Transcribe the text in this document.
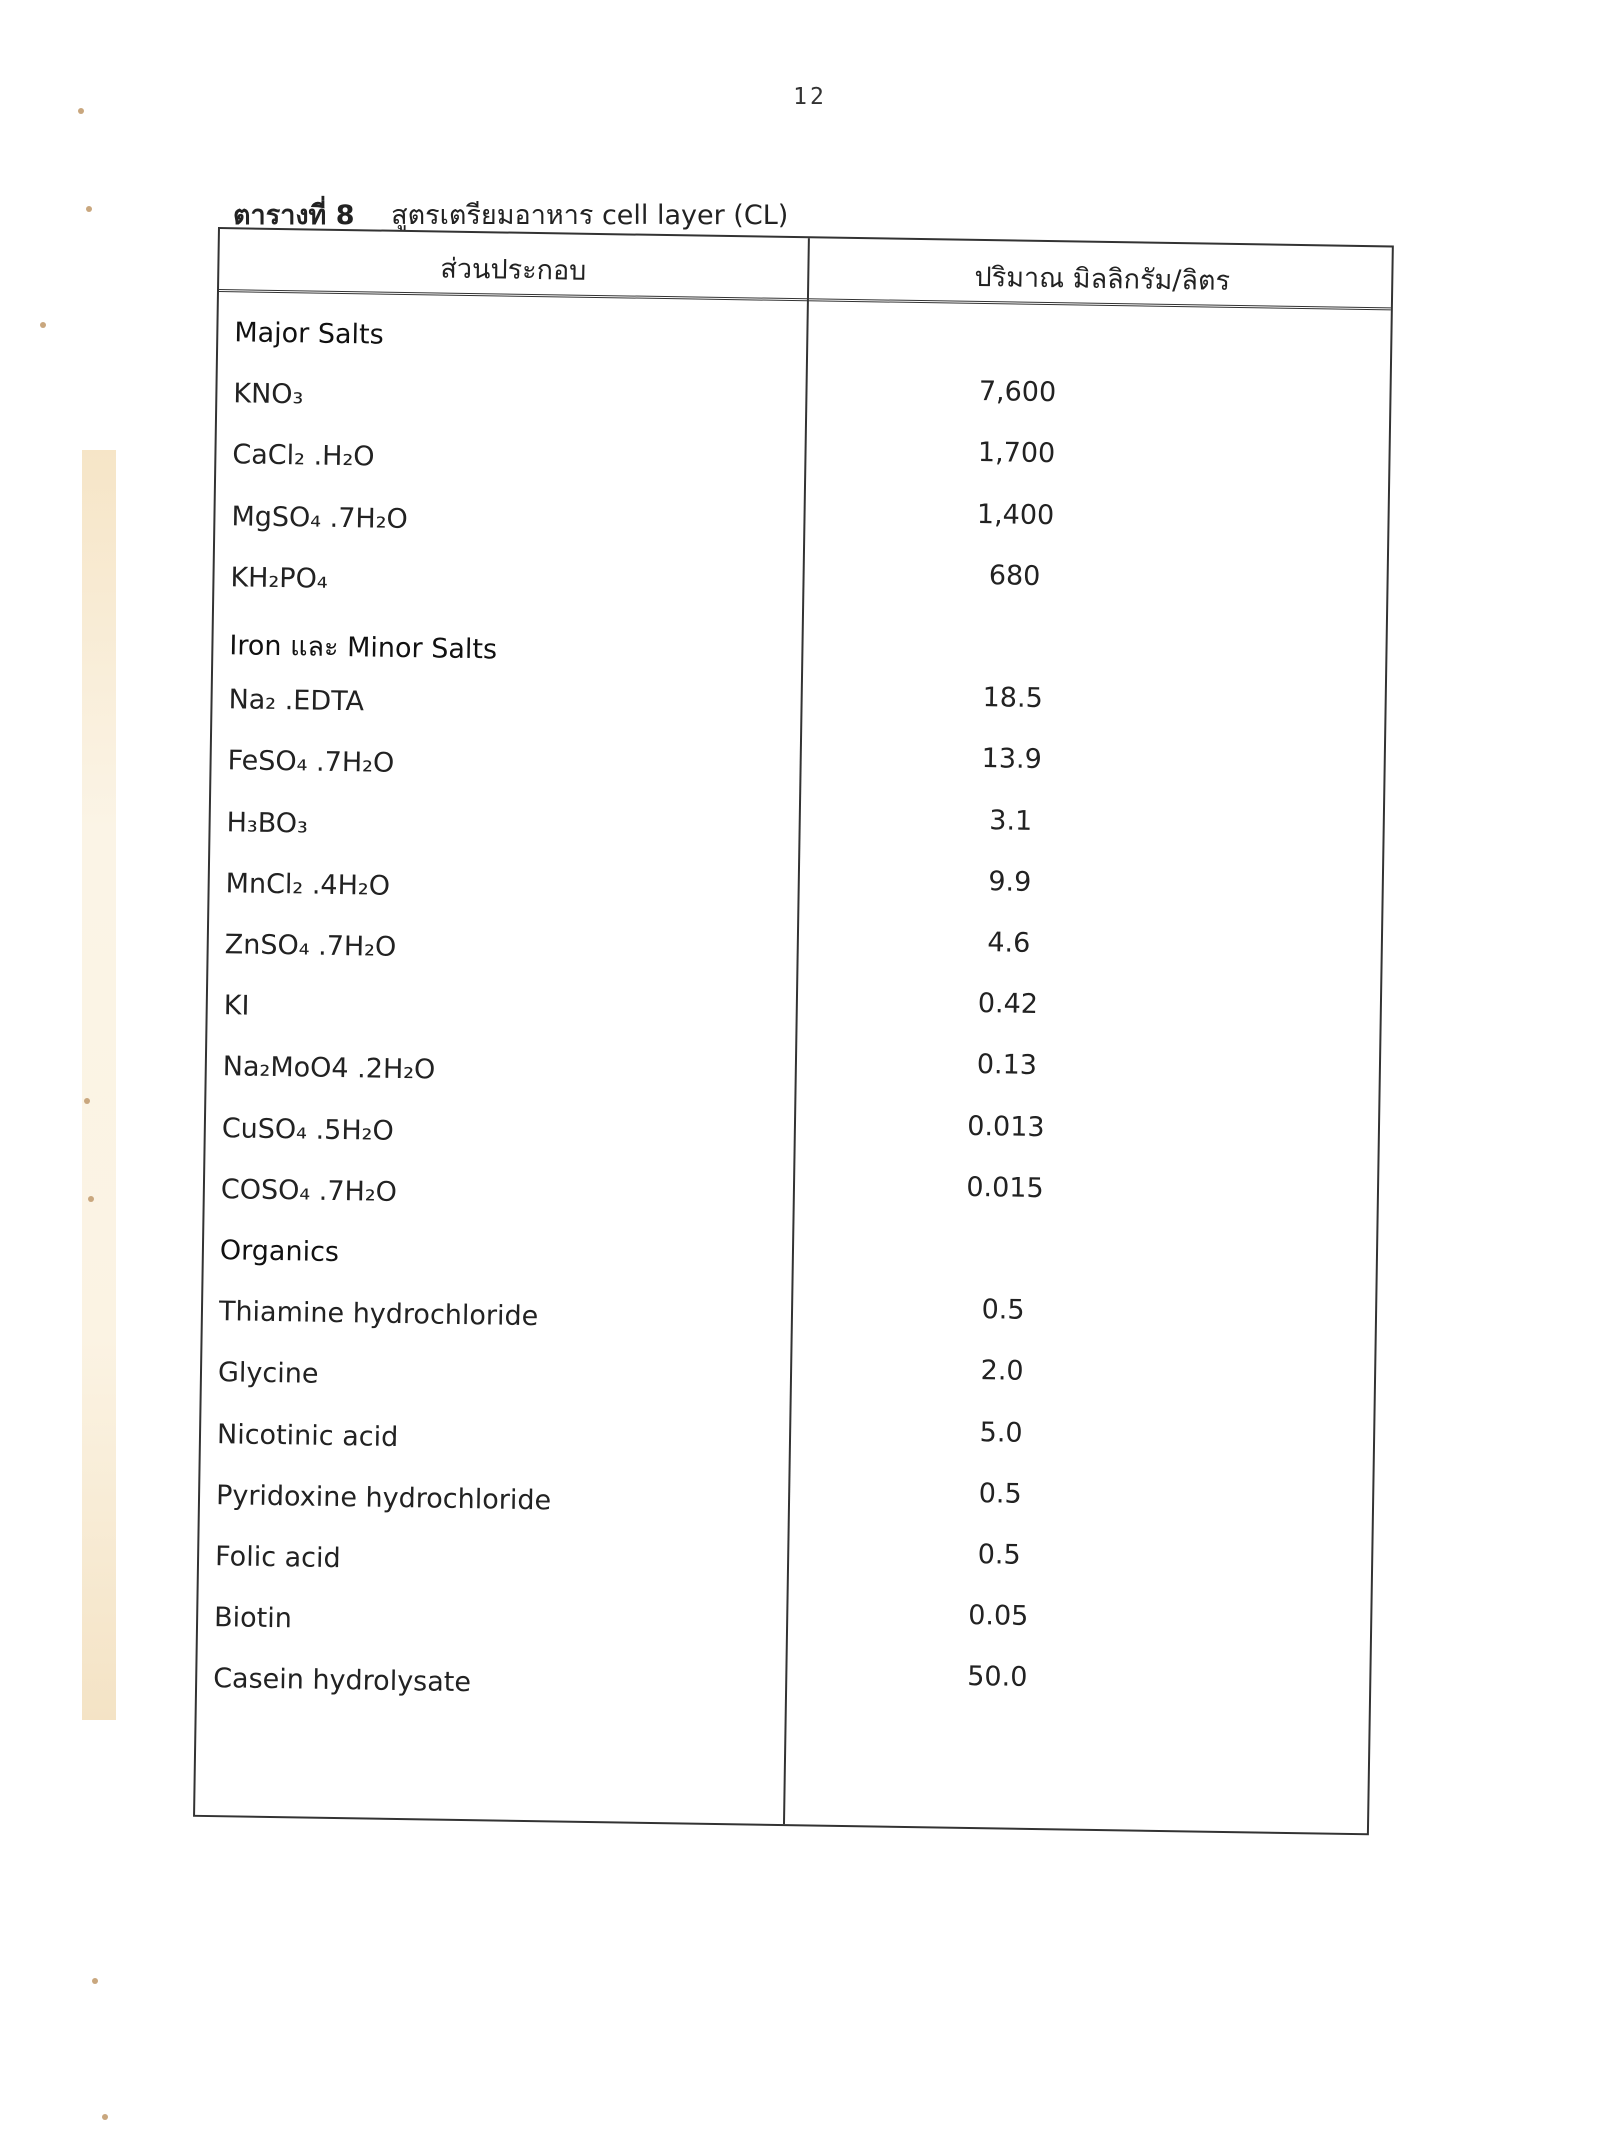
12
ตารางที่ 8 สูตรเตรียมอาหาร cell layer (CL)
ส่วนประกอบ	ปริมาณ มิลลิกรัม/ลิตร
Major Salts
KNO₃	7,600
CaCl₂ .H₂O	1,700
MgSO₄ .7H₂O	1,400
KH₂PO₄	680
Iron และ Minor Salts
Na₂ .EDTA	18.5
FeSO₄ .7H₂O	13.9
H₃BO₃	3.1
MnCl₂ .4H₂O	9.9
ZnSO₄ .7H₂O	4.6
KI	0.42
Na₂MoO4 .2H₂O	0.13
CuSO₄ .5H₂O	0.013
COSO₄ .7H₂O	0.015
Organics
Thiamine hydrochloride	0.5
Glycine	2.0
Nicotinic acid	5.0
Pyridoxine hydrochloride	0.5
Folic acid	0.5
Biotin	0.05
Casein hydrolysate	50.0
